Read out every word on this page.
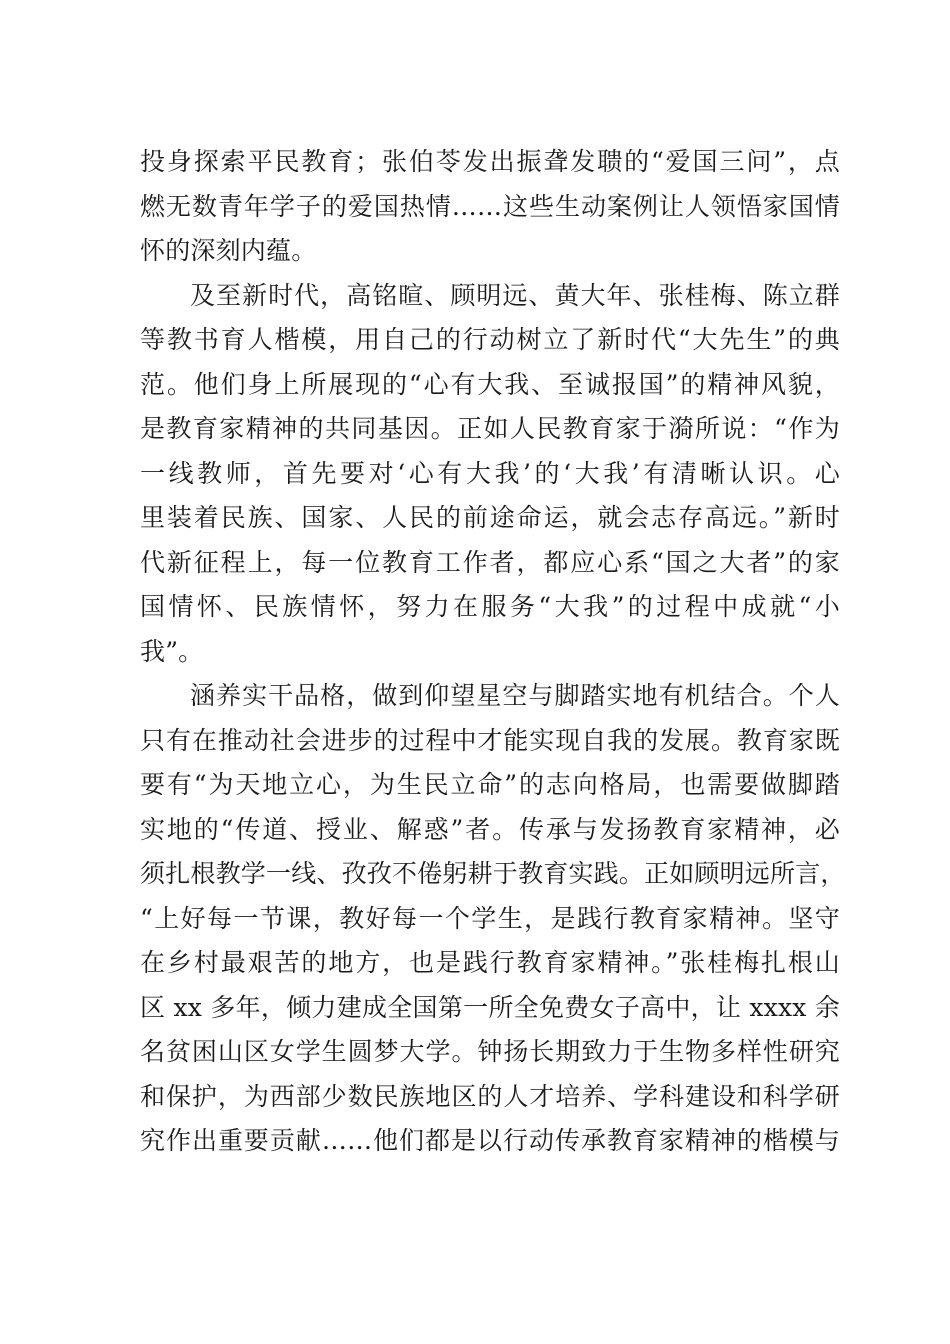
投身探索平民教育；张伯苓发出振聋发聩的“爱国三问”，点
燃无数青年学子的爱国热情……这些生动案例让人领悟家国情
怀的深刻内蕴。
及至新时代，高铭暄、顾明远、黄大年、张桂梅、陈立群
等教书育人楷模，用自己的行动树立了新时代“大先生”的典
范。他们身上所展现的“心有大我、至诚报国”的精神风貌，
是教育家精神的共同基因。正如人民教育家于漪所说：“作为
一线教师，首先要对‘心有大我’的‘大我’有清晰认识。心
里装着民族、国家、人民的前途命运，就会志存高远。”新时
代新征程上，每一位教育工作者，都应心系“国之大者”的家
国情怀、民族情怀，努力在服务“大我”的过程中成就“小
我”。
涵养实干品格，做到仰望星空与脚踏实地有机结合。个人
只有在推动社会进步的过程中才能实现自我的发展。教育家既
要有“为天地立心，为生民立命”的志向格局，也需要做脚踏
实地的“传道、授业、解惑”者。传承与发扬教育家精神，必
须扎根教学一线、孜孜不倦躬耕于教育实践。正如顾明远所言，
“上好每一节课，教好每一个学生，是践行教育家精神。坚守
在乡村最艰苦的地方，也是践行教育家精神。”张桂梅扎根山
区 xx 多年，倾力建成全国第一所全免费女子高中，让 xxxx 余
名贫困山区女学生圆梦大学。钟扬长期致力于生物多样性研究
和保护，为西部少数民族地区的人才培养、学科建设和科学研
究作出重要贡献……他们都是以行动传承教育家精神的楷模与
